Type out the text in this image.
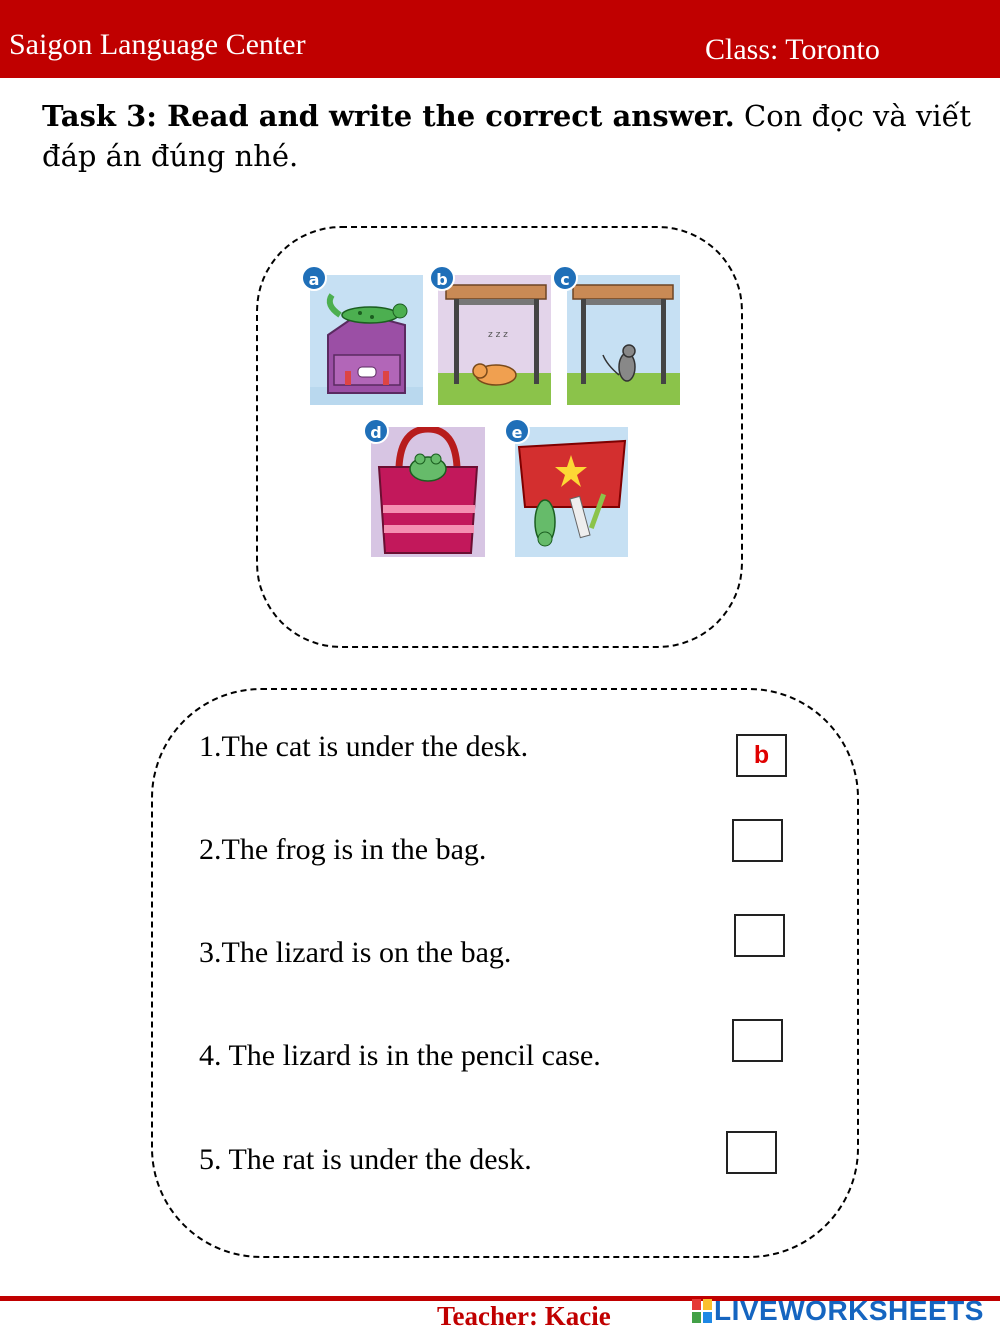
Saigon Language Center	Class: Toronto
Task 3: Read and write the correct answer. Con đọc và viết đáp án đúng nhé.
z z z
a	b	c
d	e
1.The cat is under the desk.	b
2.The frog is in the bag.
3.The lizard is on the bag.
4. The lizard is in the pencil case.
5. The rat is under the desk.
Teacher: Kacie	LIVEWORKSHEETS
